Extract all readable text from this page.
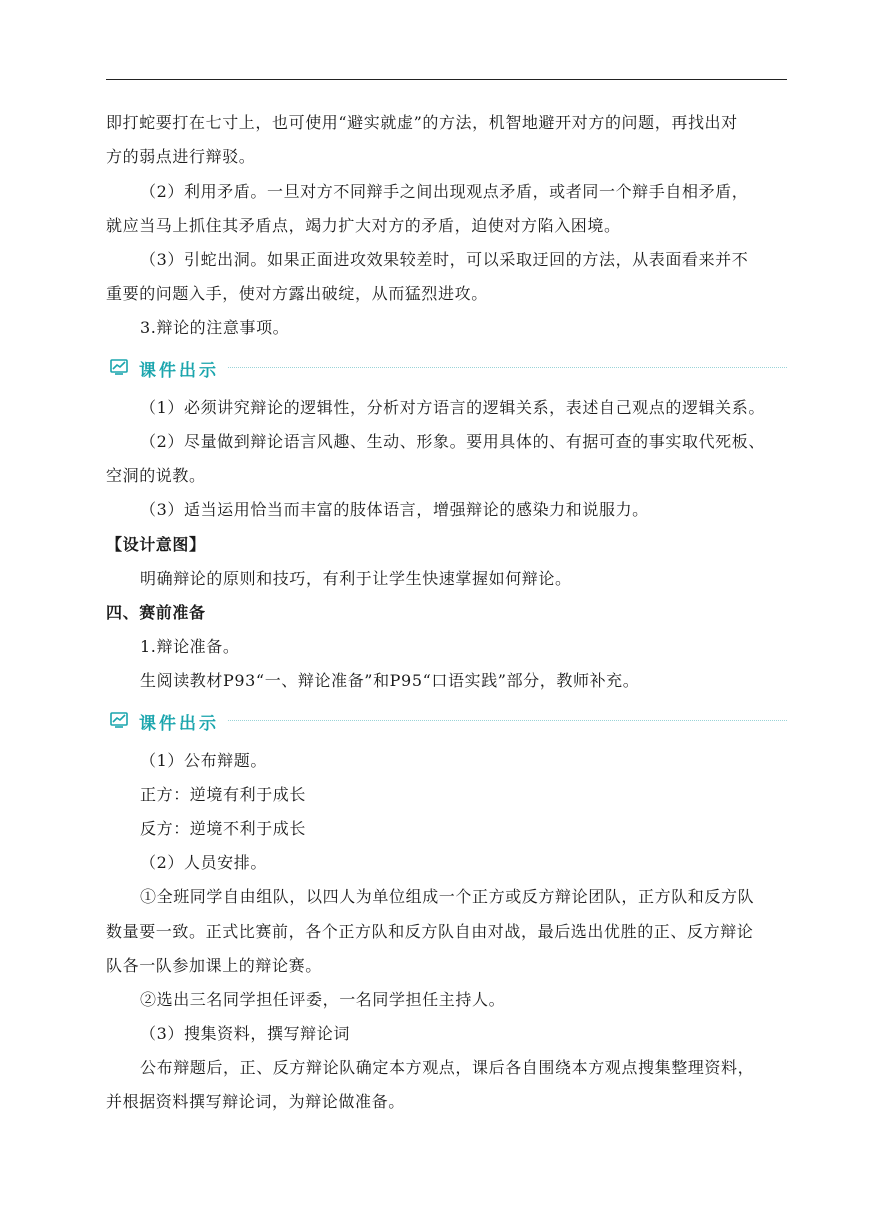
即打蛇要打在七寸上，也可使用“避实就虚”的方法，机智地避开对方的问题，再找出对
方的弱点进行辩驳。
（2）利用矛盾。一旦对方不同辩手之间出现观点矛盾，或者同一个辩手自相矛盾，
就应当马上抓住其矛盾点，竭力扩大对方的矛盾，迫使对方陷入困境。
（3）引蛇出洞。如果正面进攻效果较差时，可以采取迂回的方法，从表面看来并不
重要的问题入手，使对方露出破绽，从而猛烈进攻。
3.辩论的注意事项。
课件出示
（1）必须讲究辩论的逻辑性，分析对方语言的逻辑关系，表述自己观点的逻辑关系。
（2）尽量做到辩论语言风趣、生动、形象。要用具体的、有据可查的事实取代死板、
空洞的说教。
（3）适当运用恰当而丰富的肢体语言，增强辩论的感染力和说服力。
【设计意图】
明确辩论的原则和技巧，有利于让学生快速掌握如何辩论。
四、赛前准备
1.辩论准备。
生阅读教材P93“一、辩论准备”和P95“口语实践”部分，教师补充。
课件出示
（1）公布辩题。
正方：逆境有利于成长
反方：逆境不利于成长
（2）人员安排。
①全班同学自由组队，以四人为单位组成一个正方或反方辩论团队，正方队和反方队
数量要一致。正式比赛前，各个正方队和反方队自由对战，最后选出优胜的正、反方辩论
队各一队参加课上的辩论赛。
②选出三名同学担任评委，一名同学担任主持人。
（3）搜集资料，撰写辩论词
公布辩题后，正、反方辩论队确定本方观点，课后各自围绕本方观点搜集整理资料，
并根据资料撰写辩论词，为辩论做准备。
